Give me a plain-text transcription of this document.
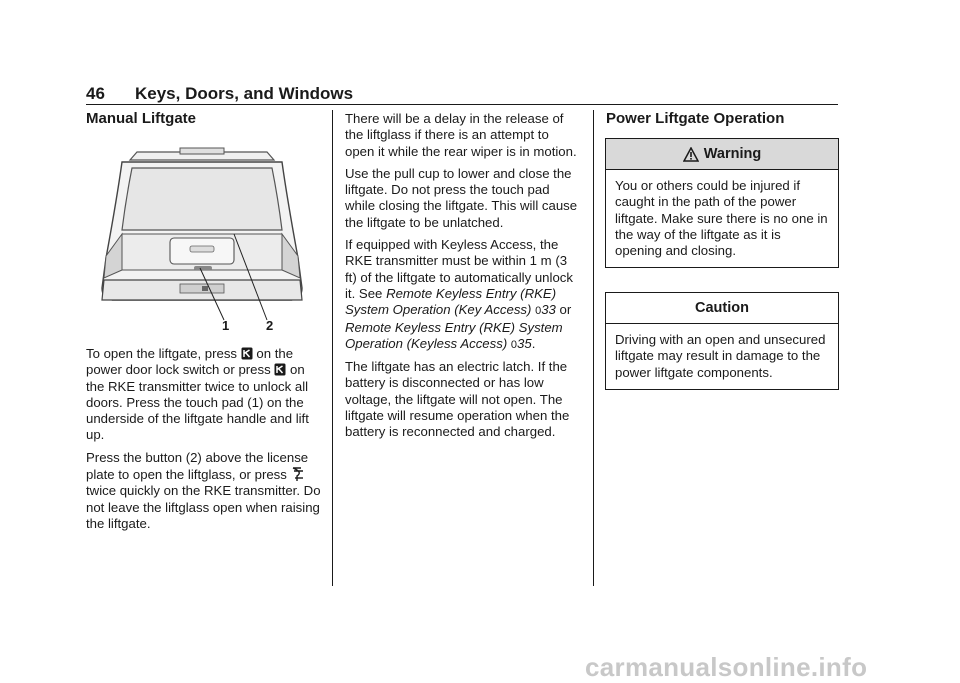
46 Keys, Doors, and Windows
Manual Liftgate
1	2

To open the liftgate, press on the power door lock switch or press on the RKE transmitter twice to unlock all doors. Press the touch pad (1) on the underside of the liftgate handle and lift up.

Press the button (2) above the license plate to open the liftglass, or press  twice quickly on the RKE transmitter. Do not leave the liftglass open when raising the liftgate.

There will be a delay in the release of the liftglass if there is an attempt to open it while the rear wiper is in motion.

Use the pull cup to lower and close the liftgate. Do not press the touch pad while closing the liftgate. This will cause the liftgate to be unlatched.

If equipped with Keyless Access, the RKE transmitter must be within 1 m (3 ft) of the liftgate to automatically unlock it. See Remote Keyless Entry (RKE) System Operation (Key Access) 033 or Remote Keyless Entry (RKE) System Operation (Keyless Access) 035.

The liftgate has an electric latch. If the battery is disconnected or has low voltage, the liftgate will not open. The liftgate will resume operation when the battery is reconnected and charged.

Power Liftgate Operation
Warning
You or others could be injured if caught in the path of the power liftgate. Make sure there is no one in the way of the liftgate as it is opening and closing.
Caution
Driving with an open and unsecured liftgate may result in damage to the power liftgate components.
carmanualsonline.info
